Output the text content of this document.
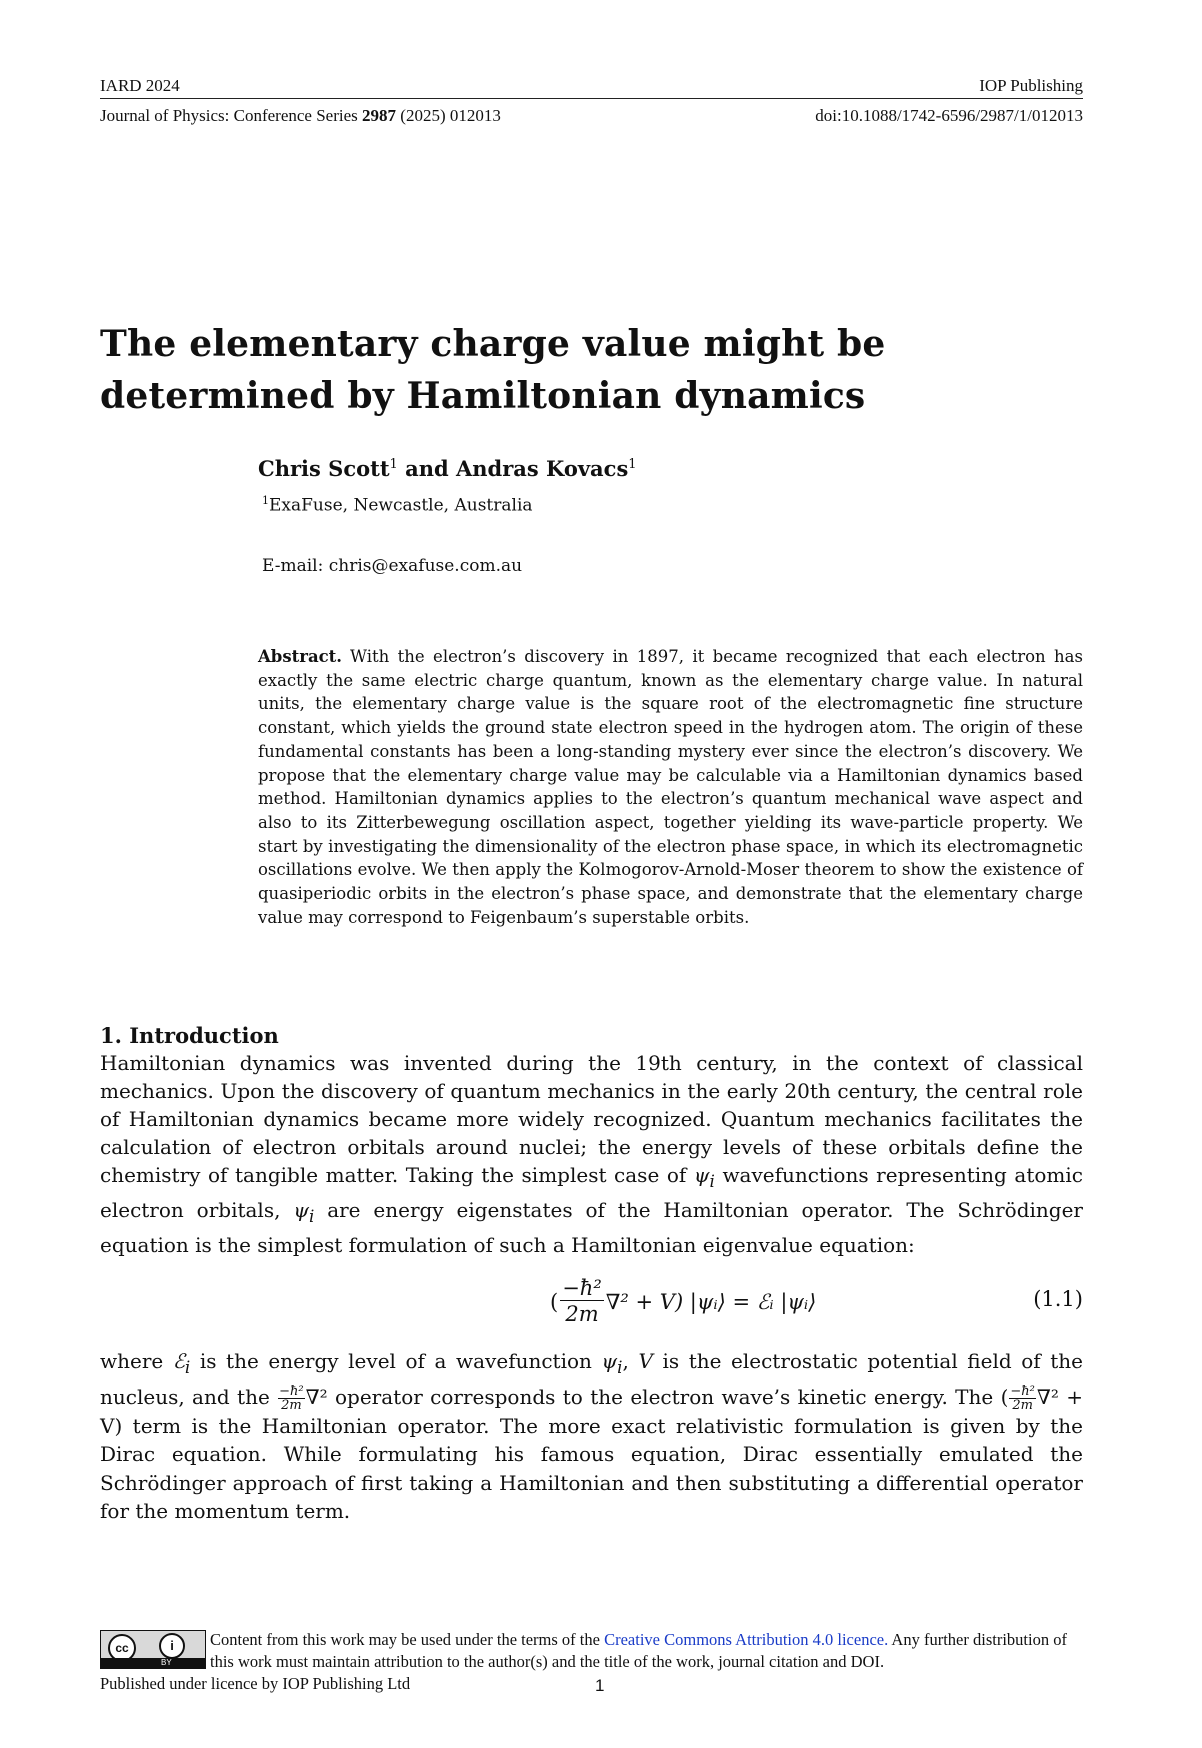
IARD 2024	IOP Publishing
Journal of Physics: Conference Series 2987 (2025) 012013	doi:10.1088/1742-6596/2987/1/012013
The elementary charge value might be determined by Hamiltonian dynamics
Chris Scott$^1$ and Andras Kovacs$^1$
$^1$ExaFuse, Newcastle, Australia
E-mail: chris@exafuse.com.au
Abstract. With the electron’s discovery in 1897, it became recognized that each electron has exactly the same electric charge quantum, known as the elementary charge value. In natural units, the elementary charge value is the square root of the electromagnetic fine structure constant, which yields the ground state electron speed in the hydrogen atom. The origin of these fundamental constants has been a long-standing mystery ever since the electron’s discovery. We propose that the elementary charge value may be calculable via a Hamiltonian dynamics based method. Hamiltonian dynamics applies to the electron’s quantum mechanical wave aspect and also to its Zitterbewegung oscillation aspect, together yielding its wave-particle property. We start by investigating the dimensionality of the electron phase space, in which its electromagnetic oscillations evolve. We then apply the Kolmogorov-Arnold-Moser theorem to show the existence of quasiperiodic orbits in the electron’s phase space, and demonstrate that the elementary charge value may correspond to Feigenbaum’s superstable orbits.
1. Introduction
Hamiltonian dynamics was invented during the 19th century, in the context of classical mechanics. Upon the discovery of quantum mechanics in the early 20th century, the central role of Hamiltonian dynamics became more widely recognized. Quantum mechanics facilitates the calculation of electron orbitals around nuclei; the energy levels of these orbitals define the chemistry of tangible matter. Taking the simplest case of $\psi_i$ wavefunctions representing atomic electron orbitals, $\psi_i$ are energy eigenstates of the Hamiltonian operator. The Schrödinger equation is the simplest formulation of such a Hamiltonian eigenvalue equation:
( $\frac{\text{−ħ²}}{2m} \nabla^2 + V$) |ψᵢ⟩ = ℰᵢ |ψᵢ⟩	(1.1)
where ℰ$_i$ is the energy level of a wavefunction $\psi_i$, V is the electrostatic potential field of the nucleus, and the $\frac{\text{−ħ²}}{2m} \nabla^2$ operator corresponds to the electron wave’s kinetic energy. The ( $\frac{\text{−ħ²}}{2m} \nabla^2 + V$) term is the Hamiltonian operator. The more exact relativistic formulation is given by the Dirac equation. While formulating his famous equation, Dirac essentially emulated the Schrödinger approach of first taking a Hamiltonian and then substituting a differential operator for the momentum term.
cc	i
BY
Content from this work may be used under the terms of the Creative Commons Attribution 4.0 licence. Any further distribution of this work must maintain attribution to the author(s) and the title of the work, journal citation and DOI.
Published under licence by IOP Publishing Ltd	1
